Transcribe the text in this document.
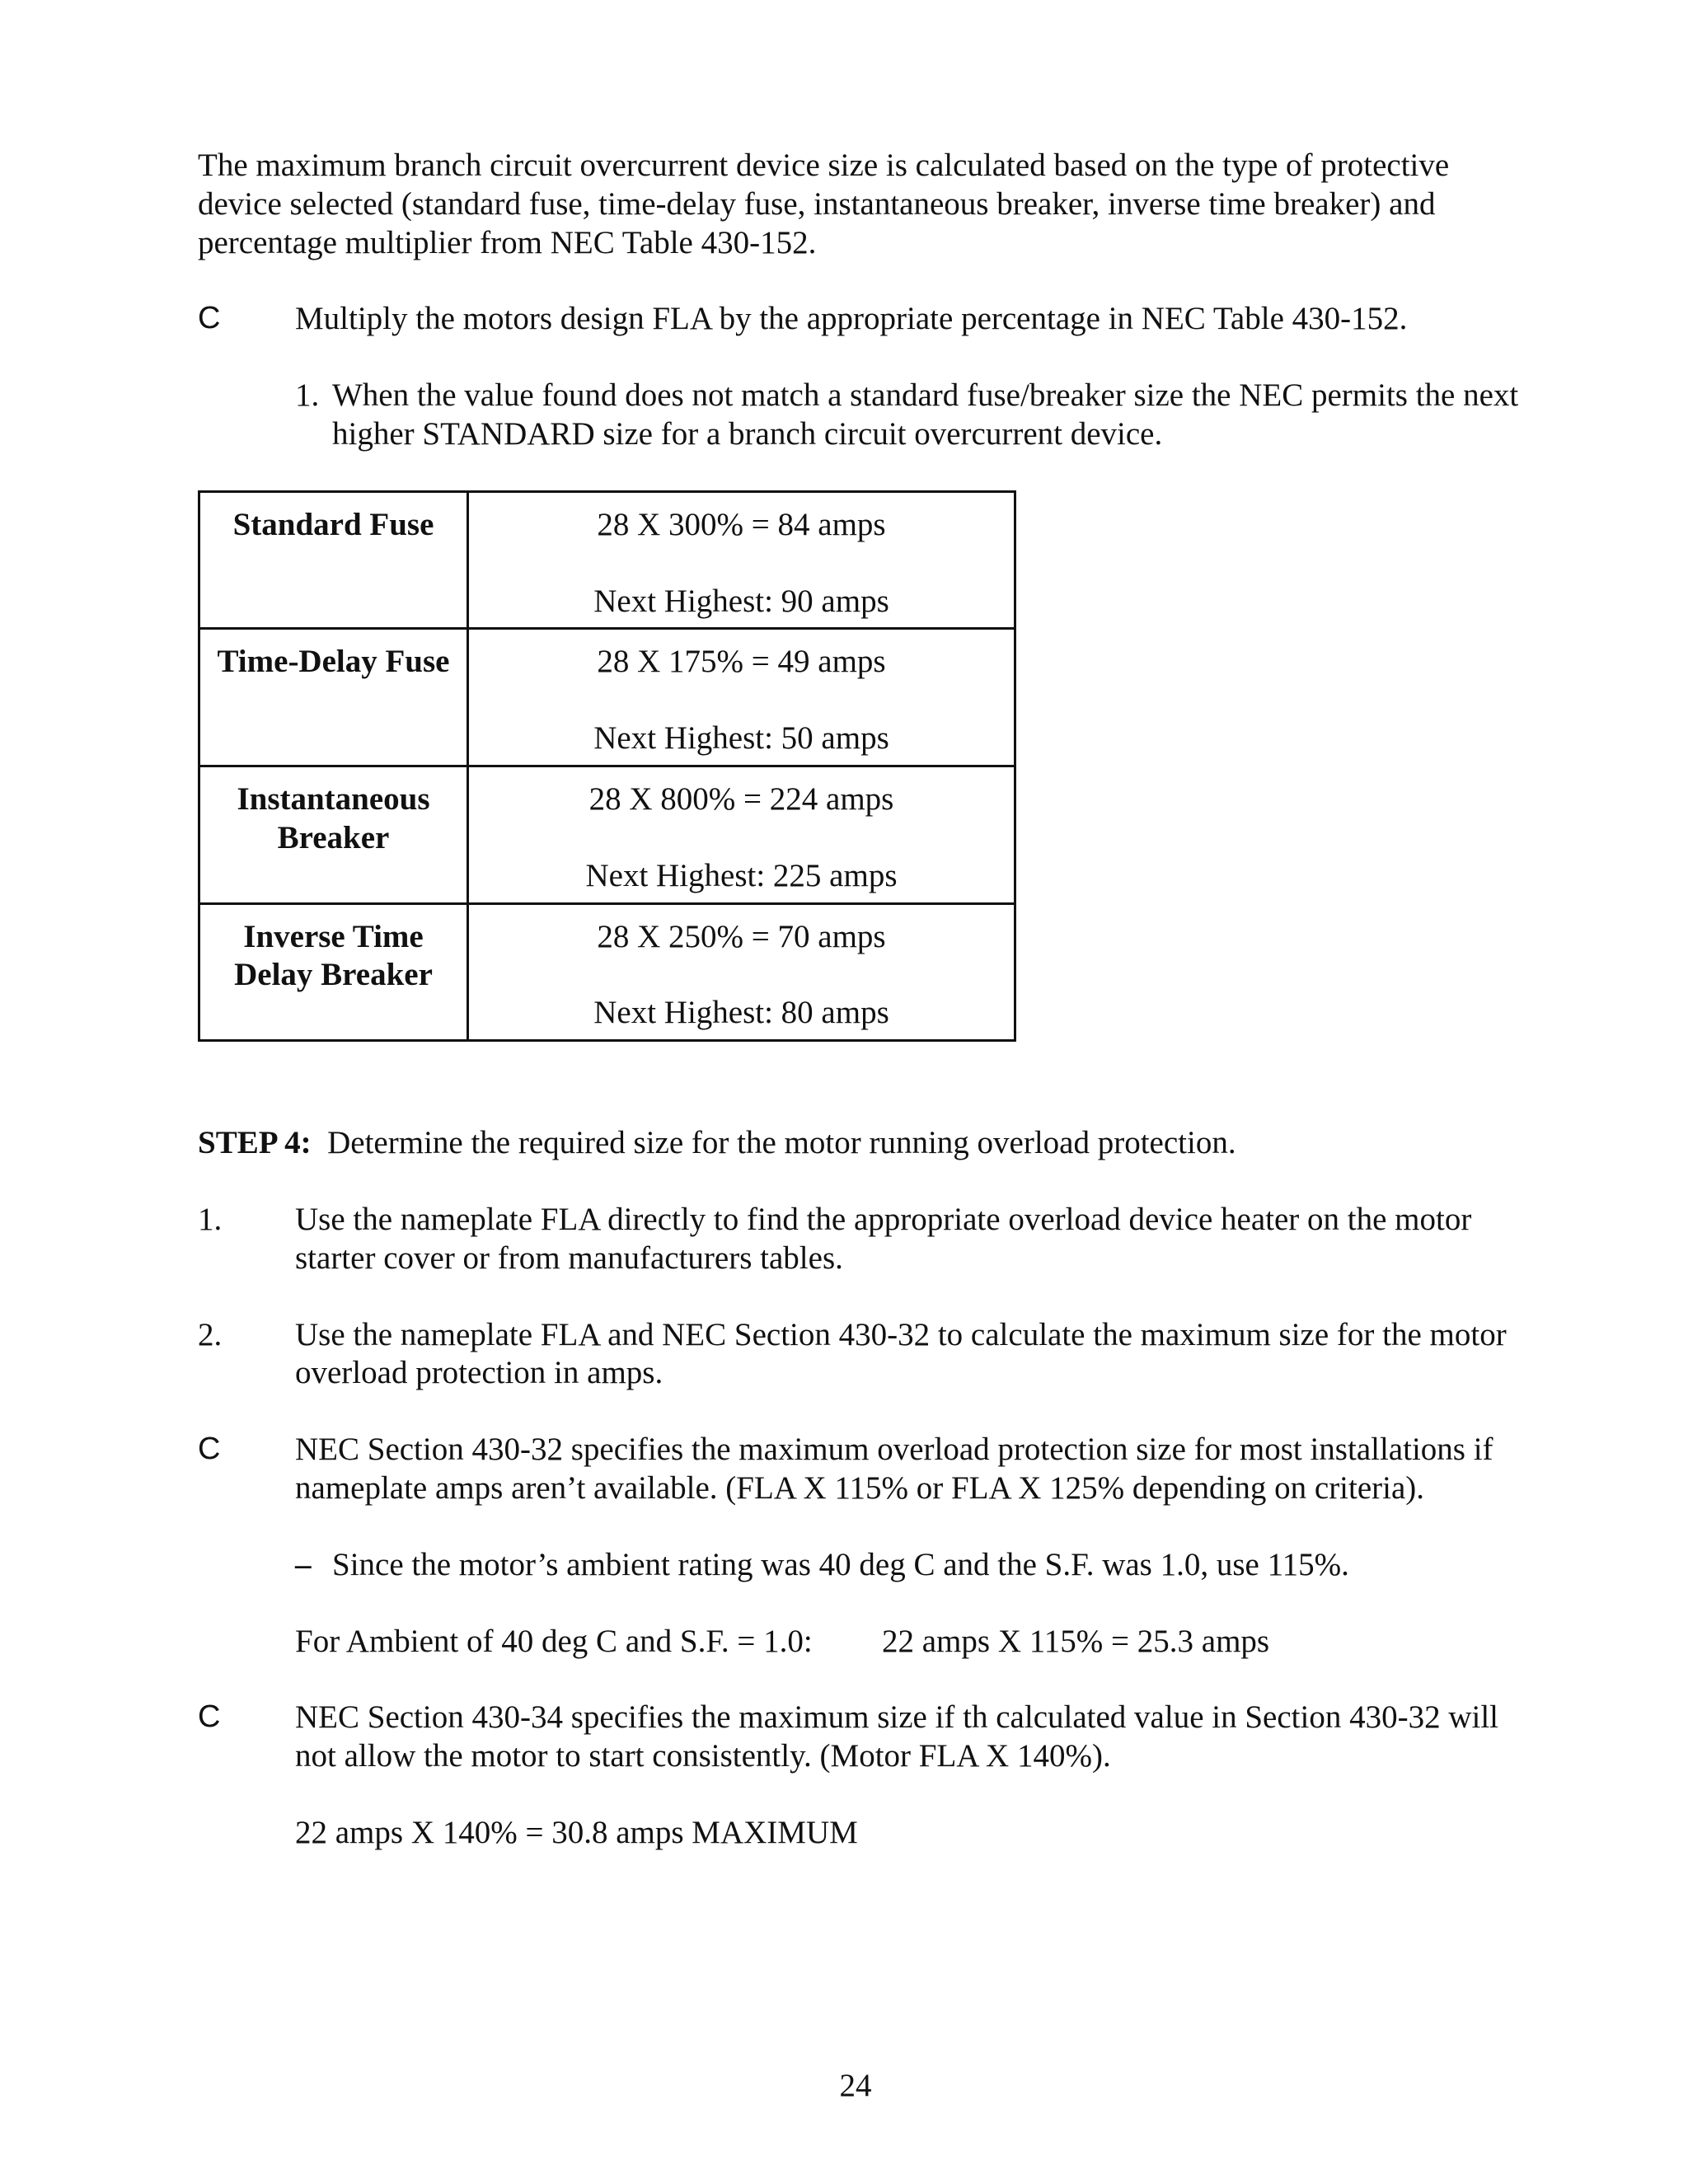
The maximum branch circuit overcurrent device size is calculated based on the type of protective device selected (standard fuse, time-delay fuse, instantaneous breaker, inverse time breaker) and percentage multiplier from NEC Table 430-152.

C	Multiply the motors design FLA by the appropriate percentage in NEC Table 430-152.

1. When the value found does not match a standard fuse/breaker size the NEC permits the next higher STANDARD size for a branch circuit overcurrent device.

Standard Fuse	28 X 300% = 84 amps
Next Highest: 90 amps

Time-Delay Fuse	28 X 175% = 49 amps
Next Highest: 50 amps

Instantaneous Breaker	28 X 800% = 224 amps
Next Highest: 225 amps

Inverse Time Delay Breaker	28 X 250% = 70 amps
Next Highest: 80 amps

STEP 4: Determine the required size for the motor running overload protection.

1.	Use the nameplate FLA directly to find the appropriate overload device heater on the motor starter cover or from manufacturers tables.

2.	Use the nameplate FLA and NEC Section 430-32 to calculate the maximum size for the motor overload protection in amps.

C	NEC Section 430-32 specifies the maximum overload protection size for most installations if nameplate amps aren’t available. (FLA X 115% or FLA X 125% depending on criteria).

– Since the motor’s ambient rating was 40 deg C and the S.F. was 1.0, use 115%.

For Ambient of 40 deg C and S.F. = 1.0:	22 amps X 115% = 25.3 amps
C	NEC Section 430-34 specifies the maximum size if th calculated value in Section 430-32 will not allow the motor to start consistently. (Motor FLA X 140%).

22 amps X 140% = 30.8 amps MAXIMUM

24
